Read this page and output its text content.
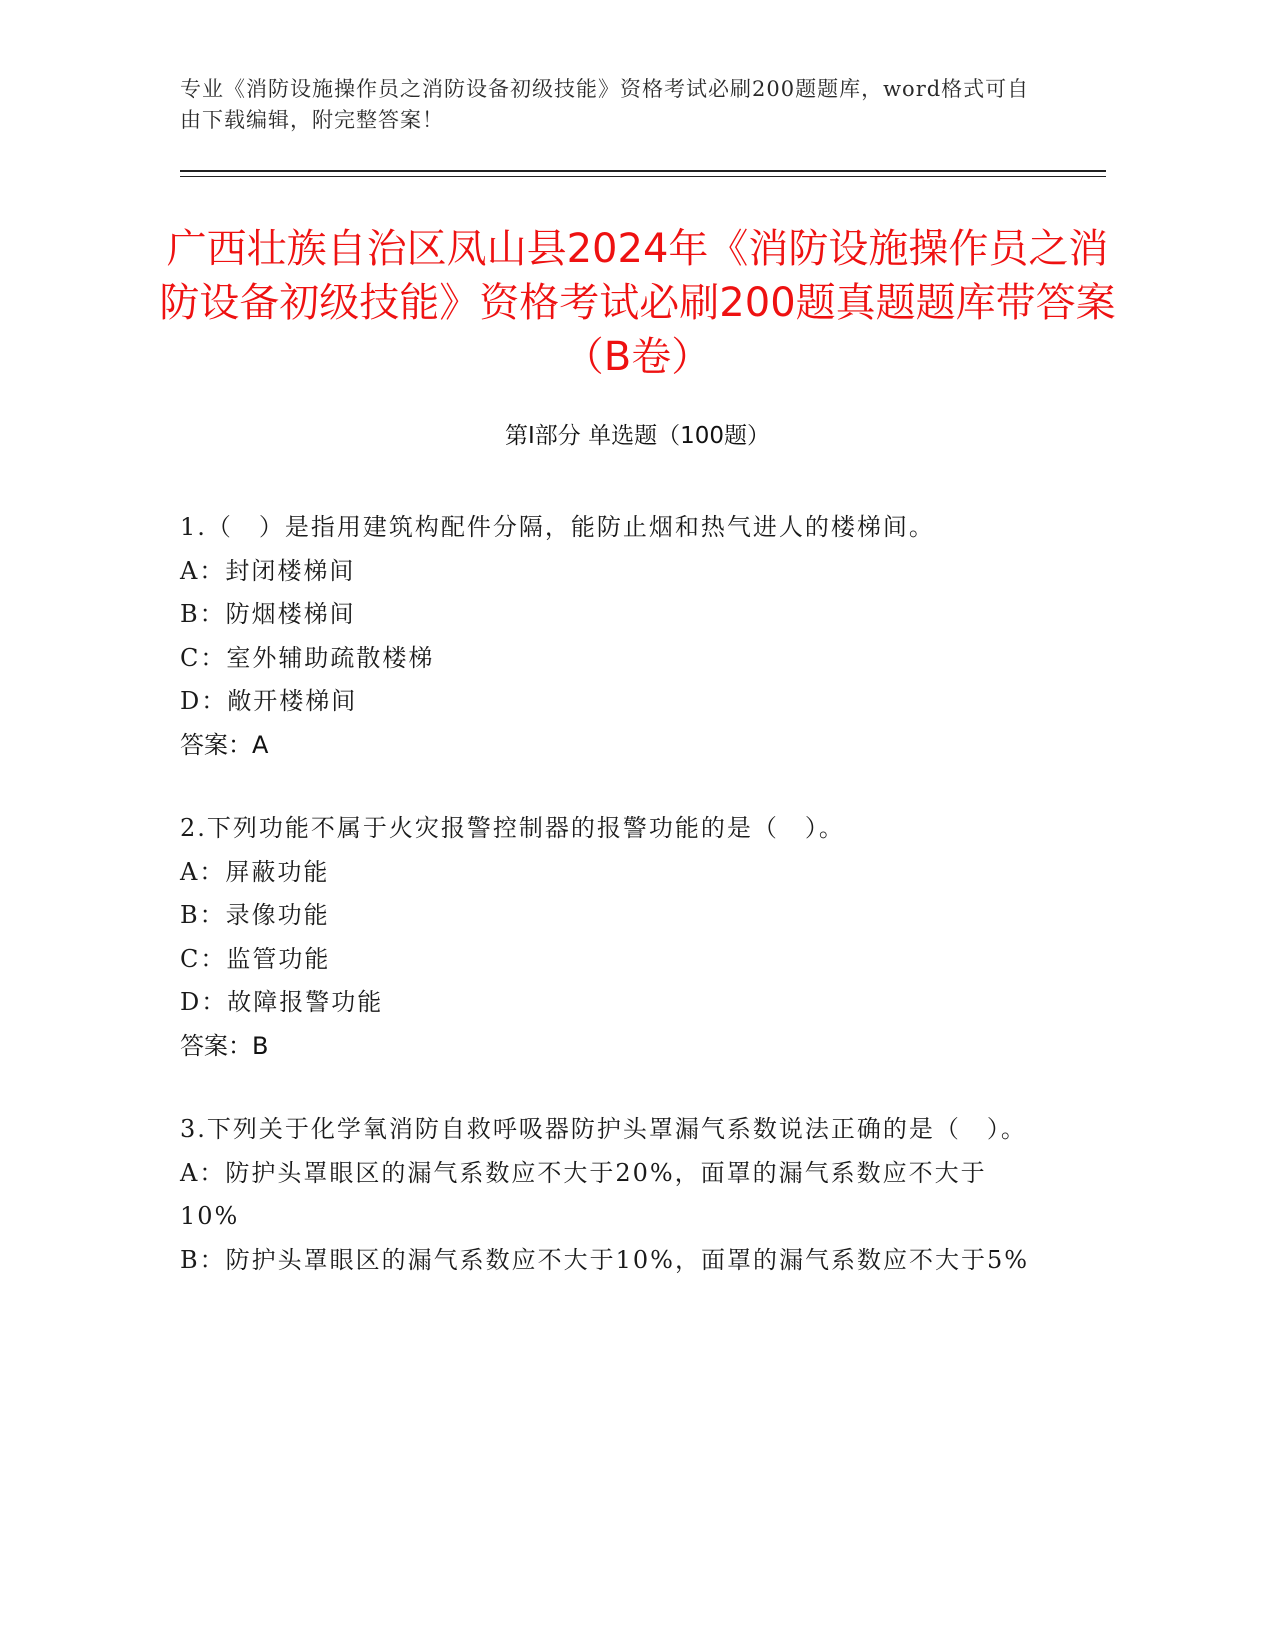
专业《消防设施操作员之消防设备初级技能》资格考试必刷200题题库，word格式可自由下载编辑，附完整答案！
广西壮族自治区凤山县2024年《消防设施操作员之消防设备初级技能》资格考试必刷200题真题题库带答案（B卷）
第Ⅰ部分 单选题（100题）
1.（　）是指用建筑构配件分隔，能防止烟和热气进人的楼梯间。
A：封闭楼梯间
B：防烟楼梯间
C：室外辅助疏散楼梯
D：敞开楼梯间
答案：A
2.下列功能不属于火灾报警控制器的报警功能的是（　）。
A：屏蔽功能
B：录像功能
C：监管功能
D：故障报警功能
答案：B
3.下列关于化学氧消防自救呼吸器防护头罩漏气系数说法正确的是（　）。
A：防护头罩眼区的漏气系数应不大于20%，面罩的漏气系数应不大于10%
B：防护头罩眼区的漏气系数应不大于10%，面罩的漏气系数应不大于5%
